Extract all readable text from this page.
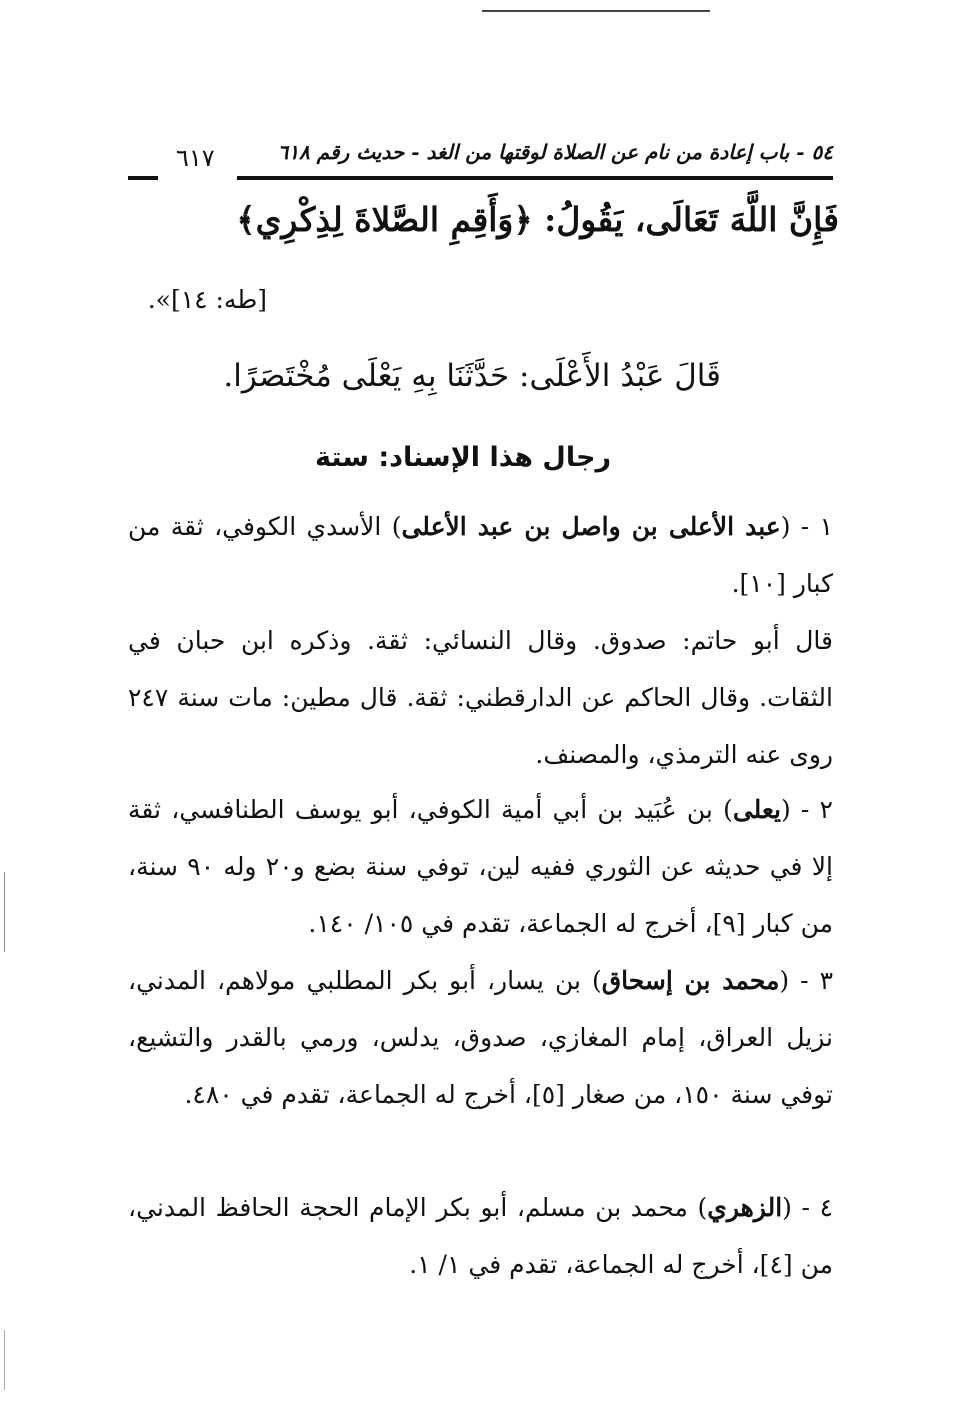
٥٤ - باب إعادة من نام عن الصلاة لوقتها من الغد - حديث رقم ٦١٨
٦١٧
فَإِنَّ اللَّهَ تَعَالَى، يَقُولُ: ﴿وَأَقِمِ الصَّلاةَ لِذِكْرِي﴾
[طه: ١٤]».
قَالَ عَبْدُ الأَعْلَى: حَدَّثَنَا بِهِ يَعْلَى مُخْتَصَرًا.
رجال هذا الإسناد: ستة
١ - (عبد الأعلى بن واصل بن عبد الأعلى) الأسدي الكوفي، ثقة من كبار [١٠].
قال أبو حاتم: صدوق. وقال النسائي: ثقة. وذكره ابن حبان في الثقات. وقال الحاكم عن الدارقطني: ثقة. قال مطين: مات سنة ٢٤٧ روى عنه الترمذي، والمصنف.
٢ - (يعلى) بن عُبَيد بن أبي أمية الكوفي، أبو يوسف الطنافسي، ثقة إلا في حديثه عن الثوري ففيه لين، توفي سنة بضع و٢٠ وله ٩٠ سنة، من كبار [٩]، أخرج له الجماعة، تقدم في ١٠٥/ ١٤٠.
٣ - (محمد بن إسحاق) بن يسار، أبو بكر المطلبي مولاهم، المدني، نزيل العراق، إمام المغازي، صدوق، يدلس، ورمي بالقدر والتشيع، توفي سنة ١٥٠، من صغار [٥]، أخرج له الجماعة، تقدم في ٤٨٠.
٤ - (الزهري) محمد بن مسلم، أبو بكر الإمام الحجة الحافظ المدني، من [٤]، أخرج له الجماعة، تقدم في ١/ ١.
